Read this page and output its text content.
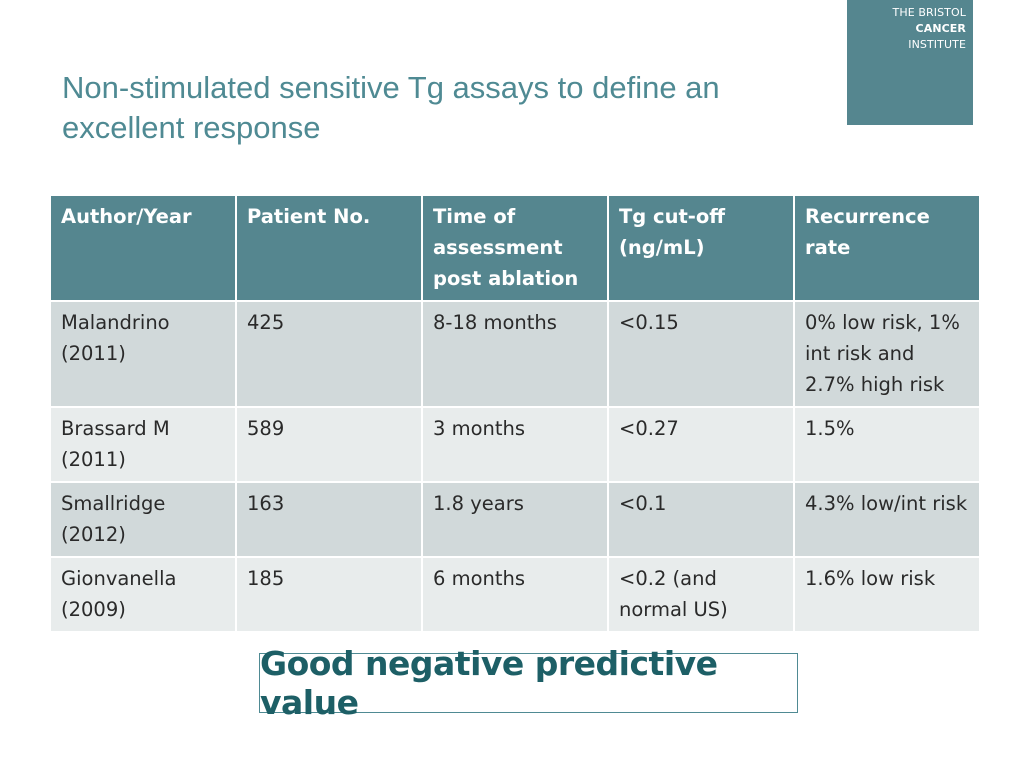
THE BRISTOL
CANCER
INSTITUTE
Non-stimulated sensitive Tg assays to define an excellent response
Author/Year	Patient No.	Time of assessment post ablation	Tg cut-off (ng/mL)	Recurrence rate
Malandrino (2011)	425	8-18 months	<0.15	0% low risk, 1% int risk and 2.7% high risk
Brassard M (2011)	589	3 months	<0.27	1.5%
Smallridge (2012)	163	1.8 years	<0.1	4.3% low/int risk
Gionvanella (2009)	185	6 months	<0.2 (and normal US)	1.6% low risk
Good negative predictive value
